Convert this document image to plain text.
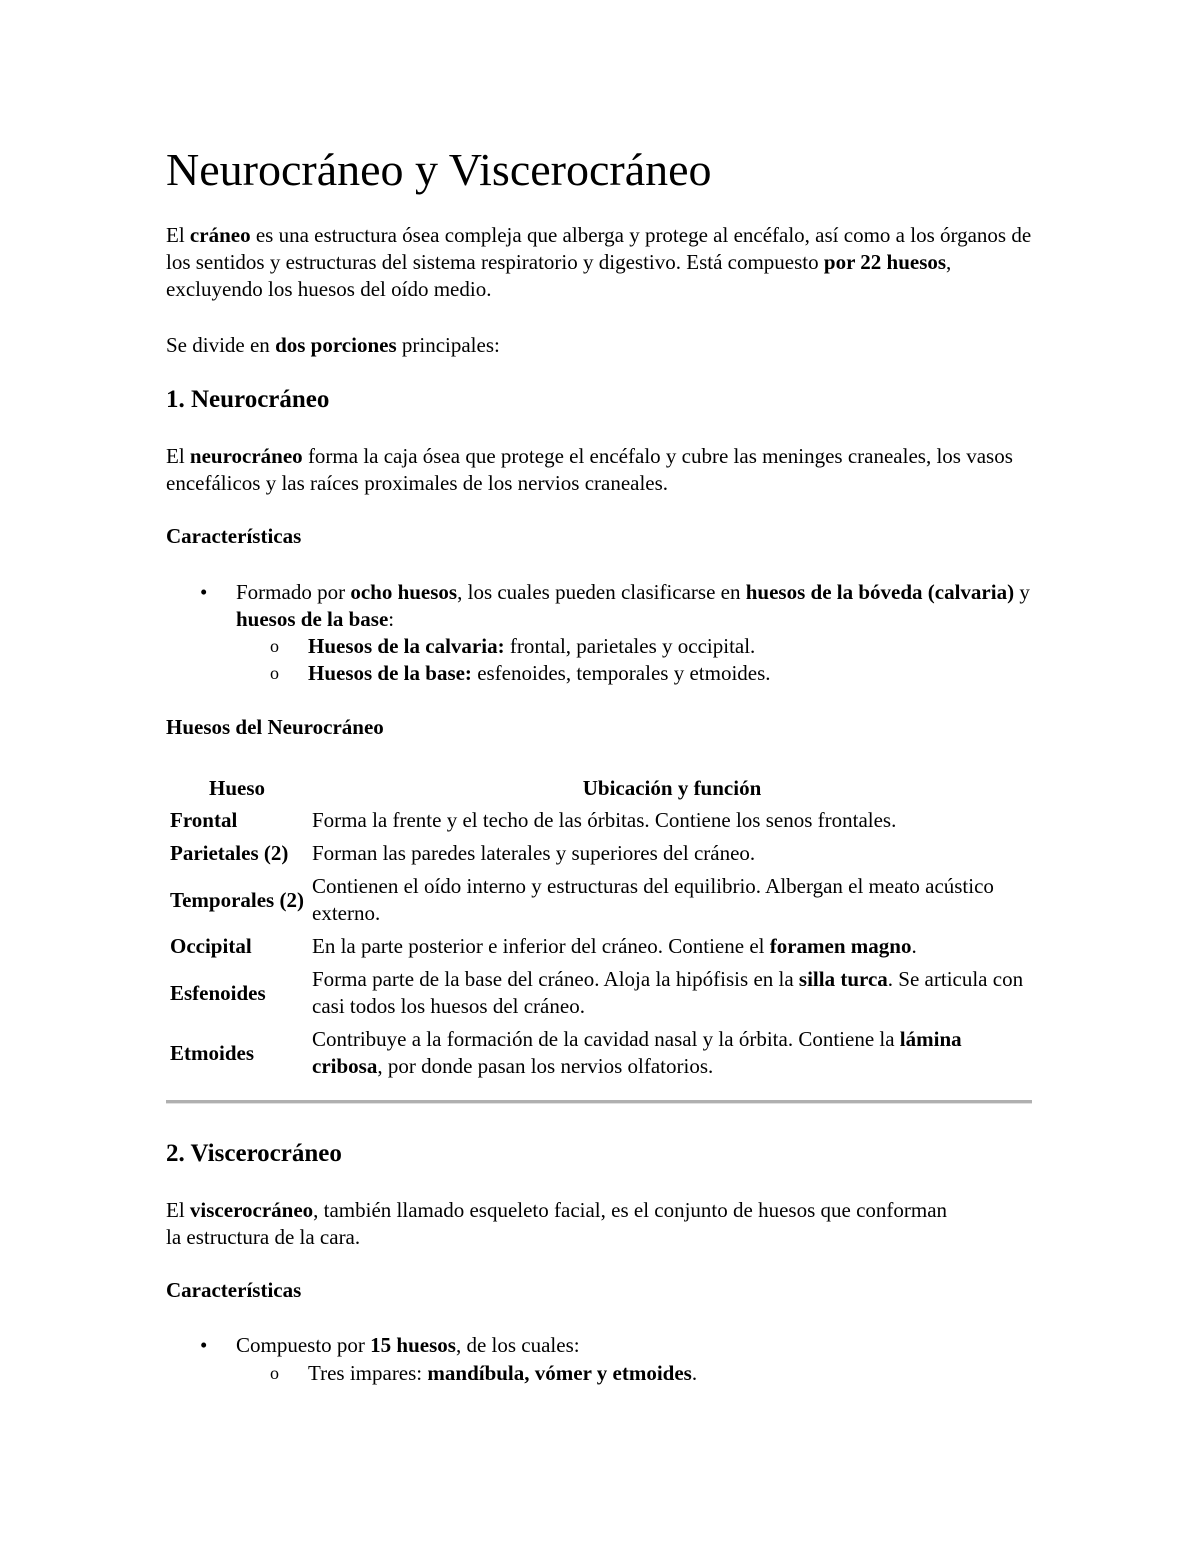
Neurocráneo y Viscerocráneo

El cráneo es una estructura ósea compleja que alberga y protege al encéfalo, así como a los órganos de los sentidos y estructuras del sistema respiratorio y digestivo. Está compuesto por 22 huesos, excluyendo los huesos del oído medio.

Se divide en dos porciones principales:

1. Neurocráneo

El neurocráneo forma la caja ósea que protege el encéfalo y cubre las meninges craneales, los vasos encefálicos y las raíces proximales de los nervios craneales.

Características
• Formado por ocho huesos, los cuales pueden clasificarse en huesos de la bóveda (calvaria) y huesos de la base:

o Huesos de la calvaria: frontal, parietales y occipital.

o Huesos de la base: esfenoides, temporales y etmoides.

Huesos del Neurocráneo
Hueso	Ubicación y función
Frontal	Forma la frente y el techo de las órbitas. Contiene los senos frontales.
Parietales (2)	Forman las paredes laterales y superiores del cráneo.
Temporales (2)	Contienen el oído interno y estructuras del equilibrio. Albergan el meato acústico externo.
Occipital	En la parte posterior e inferior del cráneo. Contiene el foramen magno.
Esfenoides	Forma parte de la base del cráneo. Aloja la hipófisis en la silla turca. Se articula con casi todos los huesos del cráneo.
Etmoides	Contribuye a la formación de la cavidad nasal y la órbita. Contiene la lámina cribosa, por donde pasan los nervios olfatorios.
2. Viscerocráneo

El viscerocráneo, también llamado esqueleto facial, es el conjunto de huesos que conforman la estructura de la cara.

Características
• Compuesto por 15 huesos, de los cuales:

o Tres impares: mandíbula, vómer y etmoides.
